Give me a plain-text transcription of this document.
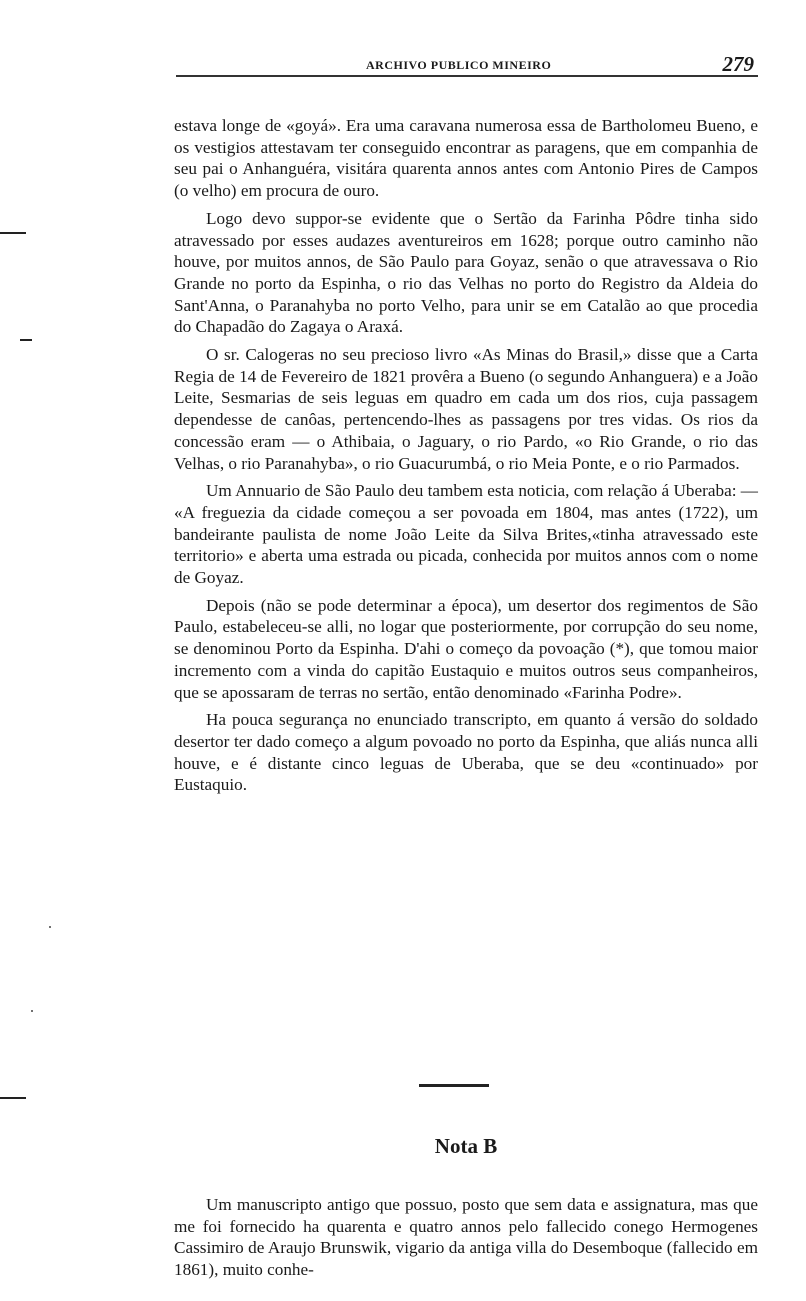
ARCHIVO PUBLICO MINEIRO	279

estava longe de «goyá». Era uma caravana numerosa essa de Bartholomeu Bueno, e os vestigios attestavam ter conseguido encontrar as paragens, que em companhia de seu pai o Anhanguéra, visitára quarenta annos antes com Antonio Pires de Campos (o velho) em procura de ouro.

Logo devo suppor-se evidente que o Sertão da Farinha Pôdre tinha sido atravessado por esses audazes aventureiros em 1628; porque outro caminho não houve, por muitos annos, de São Paulo para Goyaz, senão o que atravessava o Rio Grande no porto da Espinha, o rio das Velhas no porto do Registro da Aldeia do Sant'Anna, o Paranahyba no porto Velho, para unir se em Catalão ao que procedia do Chapadão do Zagaya o Araxá.

O sr. Calogeras no seu precioso livro «As Minas do Brasil,» disse que a Carta Regia de 14 de Fevereiro de 1821 provêra a Bueno (o segundo Anhanguera) e a João Leite, Sesmarias de seis leguas em quadro em cada um dos rios, cuja passagem dependesse de canôas, pertencendo-lhes as passagens por tres vidas. Os rios da concessão eram — o Athibaia, o Jaguary, o rio Pardo, «o Rio Grande, o rio das Velhas, o rio Paranahyba», o rio Guacurumbá, o rio Meia Ponte, e o rio Parmados.

Um Annuario de São Paulo deu tambem esta noticia, com relação á Uberaba: — «A freguezia da cidade começou a ser povoada em 1804, mas antes (1722), um bandeirante paulista de nome João Leite da Silva Brites,«tinha atravessado este territorio» e aberta uma estrada ou picada, conhecida por muitos annos com o nome de Goyaz.

Depois (não se pode determinar a época), um desertor dos regimentos de São Paulo, estabeleceu-se alli, no logar que posteriormente, por corrupção do seu nome, se denominou Porto da Espinha. D'ahi o começo da povoação (*), que tomou maior incremento com a vinda do capitão Eustaquio e muitos outros seus companheiros, que se apossaram de terras no sertão, então denominado «Farinha Podre».

Ha pouca segurança no enunciado transcripto, em quanto á versão do soldado desertor ter dado começo a algum povoado no porto da Espinha, que aliás nunca alli houve, e é distante cinco leguas de Uberaba, que se deu «continuado» por Eustaquio.

Nota B

Um manuscripto antigo que possuo, posto que sem data e assignatura, mas que me foi fornecido ha quarenta e quatro annos pelo fallecido conego Hermogenes Cassimiro de Araujo Brunswik, vigario da antiga villa do Desemboque (fallecido em 1861), muito conhe-
